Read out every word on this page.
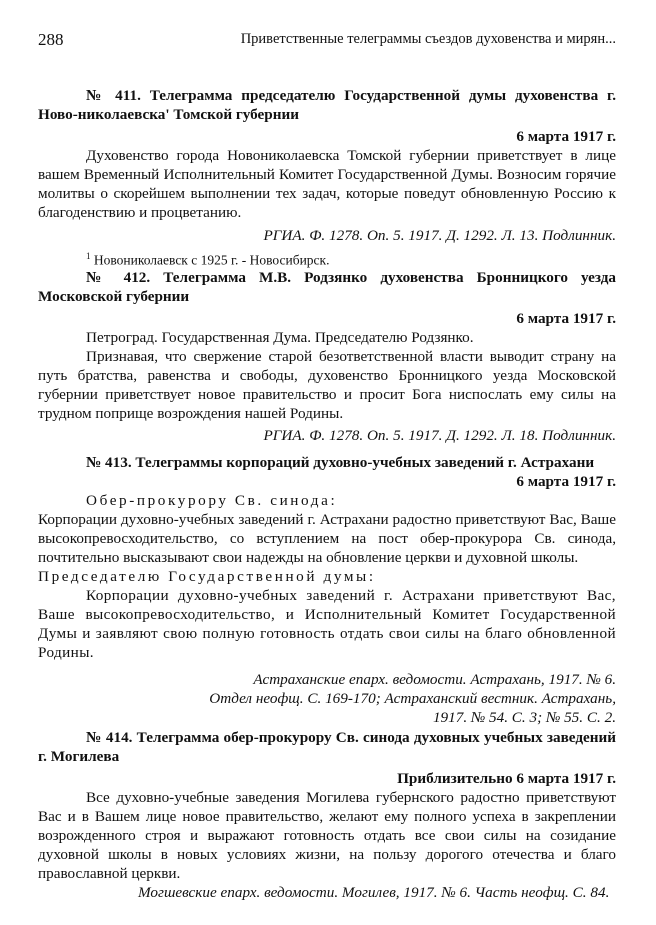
288	Приветственные телеграммы съездов духовенства и мирян...

№ 411. Телеграмма председателю Государственной думы духовенства г. Ново-николаевска' Томской губернии

6 марта 1917 г.

Духовенство города Новониколаевска Томской губернии приветствует в лице вашем Временный Исполнительный Комитет Государственной Думы. Возносим горячие молитвы о скорейшем выполнении тех задач, которые поведут обновленную Россию к благоденствию и процветанию.

РГИА. Ф. 1278. Оп. 5. 1917. Д. 1292. Л. 13. Подлинник.

$^1$ Новониколаевск с 1925 г. - Новосибирск.

№ 412. Телеграмма М.В. Родзянко духовенства Бронницкого уезда Московской губернии

6 марта 1917 г.

Петроград. Государственная Дума. Председателю Родзянко.

Признавая, что свержение старой безответственной власти выводит страну на путь братства, равенства и свободы, духовенство Бронницкого уезда Московской губернии приветствует новое правительство и просит Бога ниспослать ему силы на трудном поприще возрождения нашей Родины.

РГИА. Ф. 1278. Оп. 5. 1917. Д. 1292. Л. 18. Подлинник.

№ 413. Телеграммы корпораций духовно-учебных заведений г. Астрахани

6 марта 1917 г.

Обер-прокурору Св. синода:

Корпорации духовно-учебных заведений г. Астрахани радостно приветствуют Вас, Ваше высокопревосходительство, со вступлением на пост обер-прокурора Св. синода, почтительно высказывают свои надежды на обновление церкви и духовной школы.

Председателю Государственной думы:

Корпорации духовно-учебных заведений г. Астрахани приветствуют Вас, Ваше высокопревосходительство, и Исполнительный Комитет Государственной Думы и заявляют свою полную готовность отдать свои силы на благо обновленной Родины.

Астраханские епарх. ведомости. Астрахань, 1917. № 6.

Отдел неофщ. С. 169-170; Астраханский вестник. Астрахань,

1917. № 54. С. 3; № 55. С. 2.

№ 414. Телеграмма обер-прокурору Св. синода духовных учебных заведений г. Могилева

Приблизительно 6 марта 1917 г.

Все духовно-учебные заведения Могилева губернского радостно приветствуют Вас и в Вашем лице новое правительство, желают ему полного успеха в закреплении возрожденного строя и выражают готовность отдать все свои силы на созидание духовной школы в новых условиях жизни, на пользу дорогого отечества и благо православной церкви.

Могшевские епарх. ведомости. Могилев, 1917. № 6. Часть неофщ. С. 84.
